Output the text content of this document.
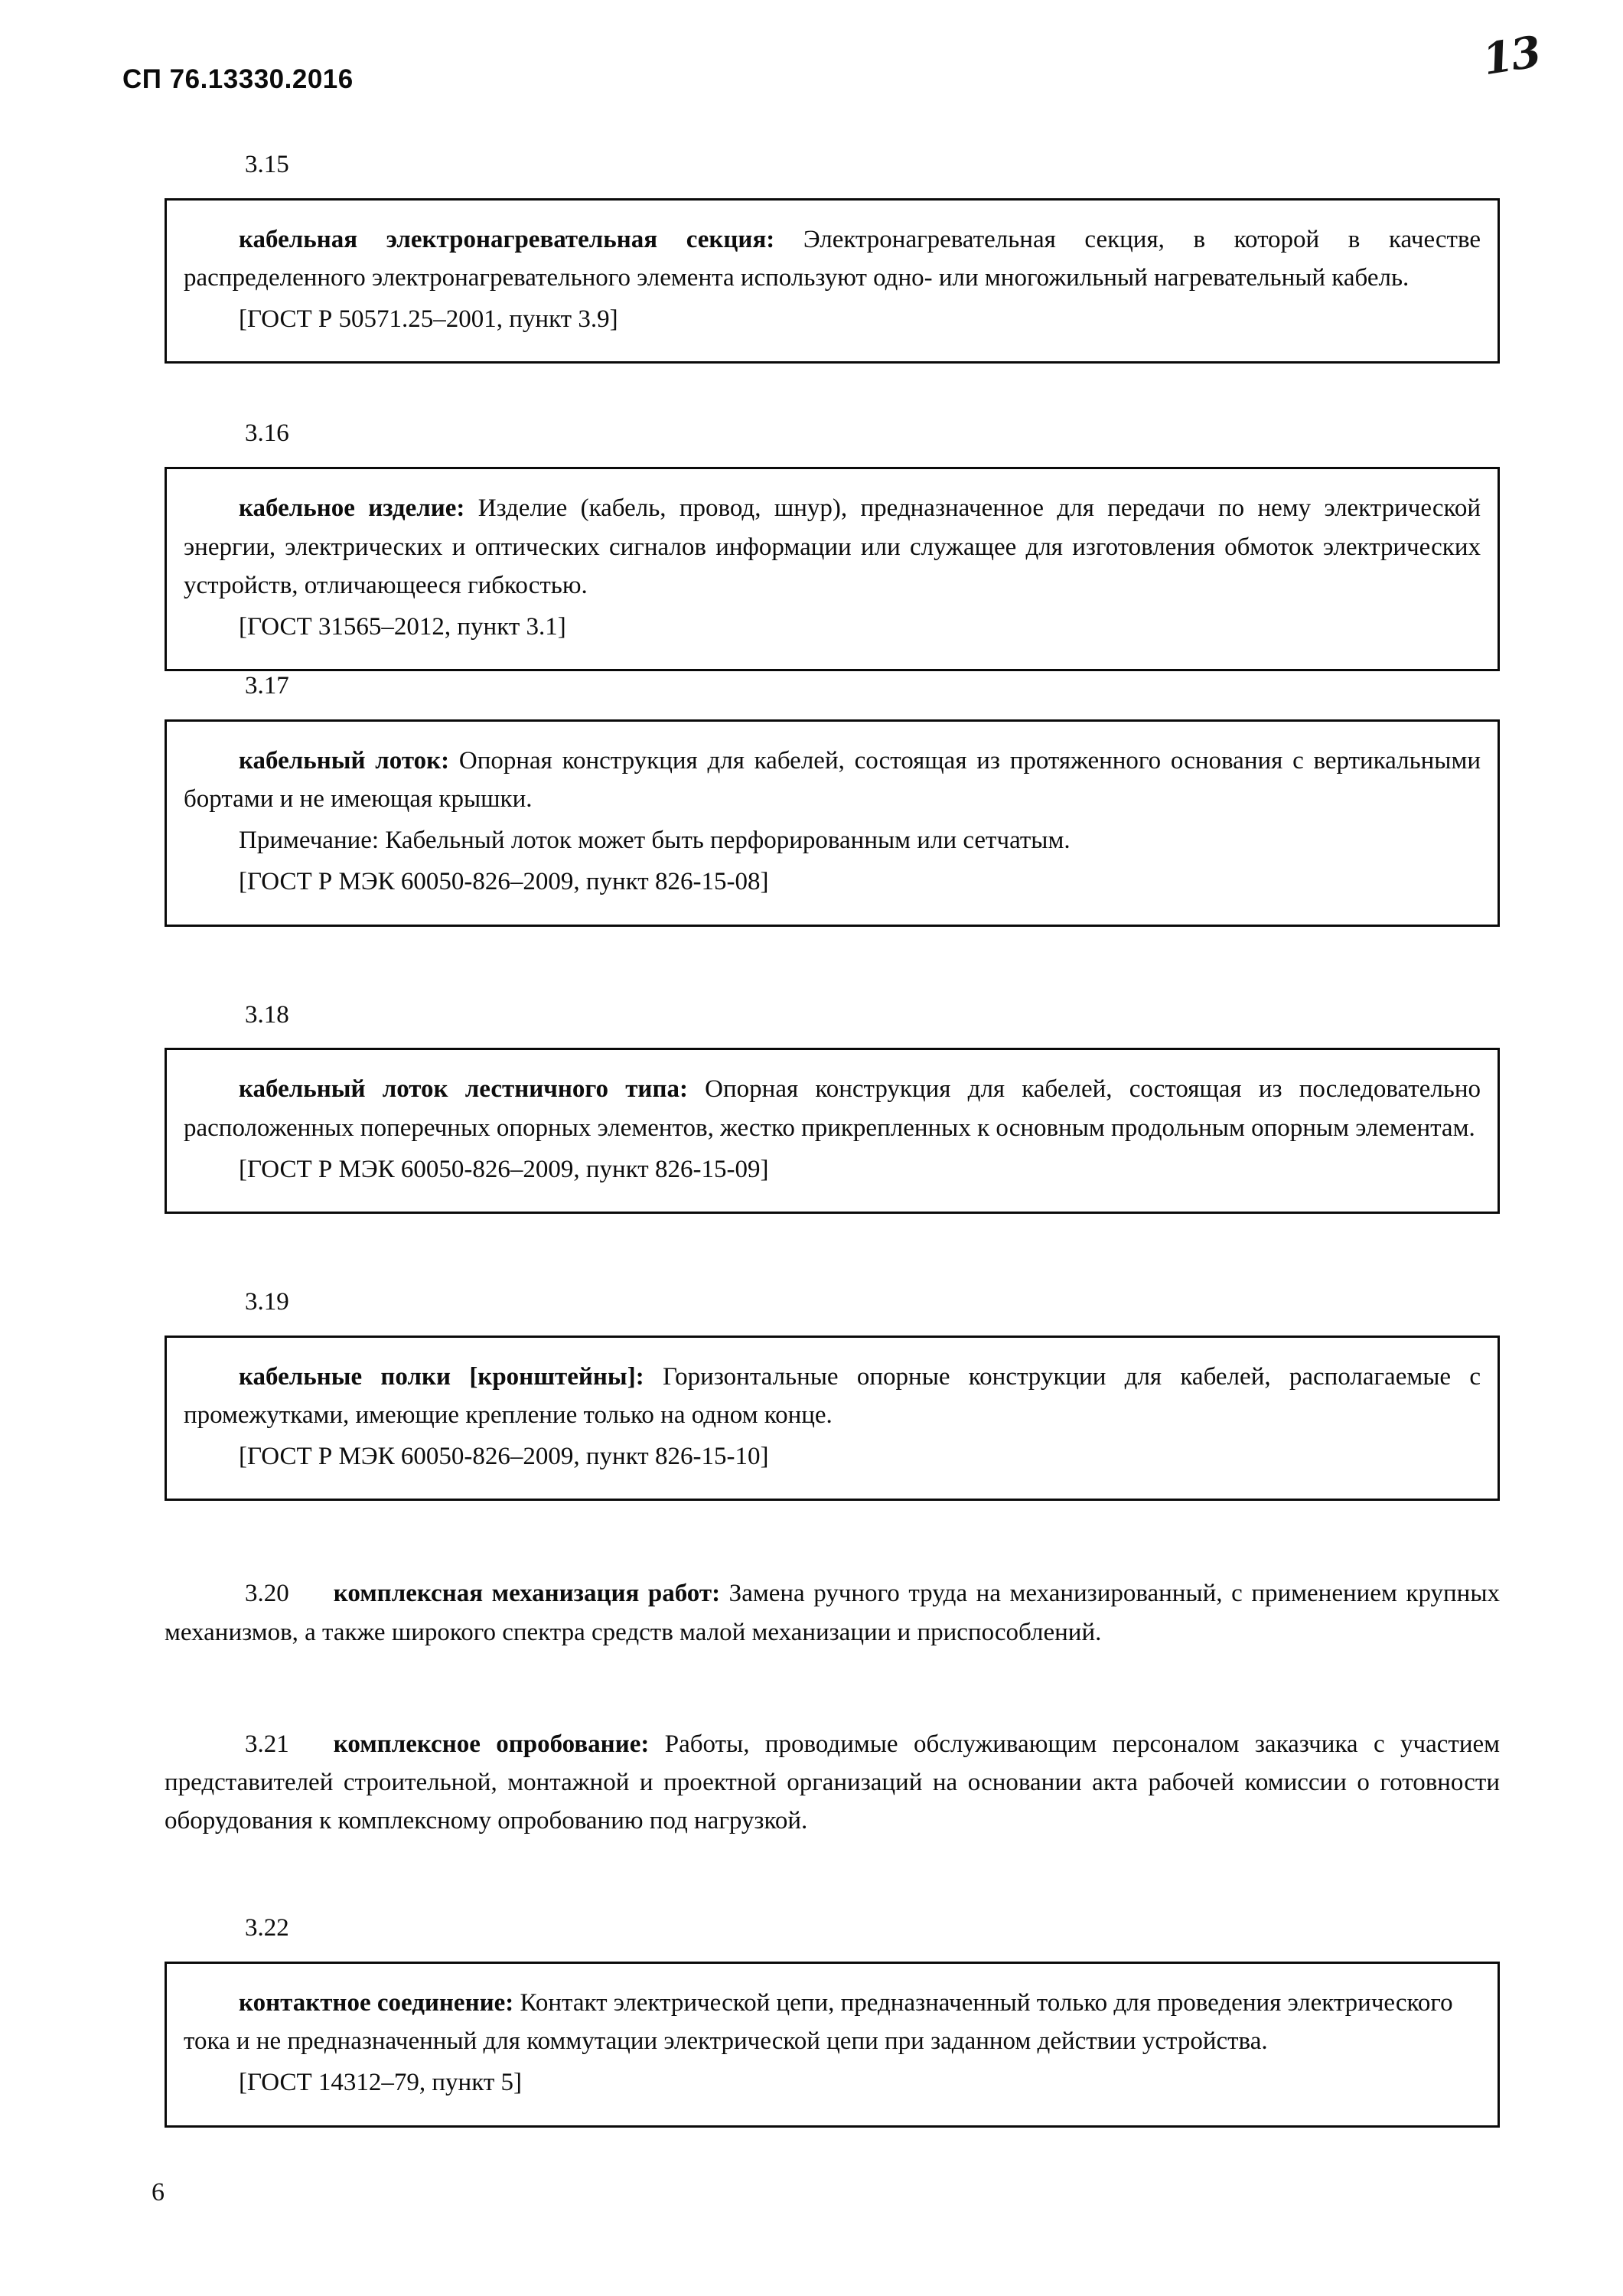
СП 76.13330.2016	13
3.15

кабельная электронагревательная секция: Электронагревательная секция, в которой в качестве распределенного электронагревательного элемента используют одно- или многожильный нагревательный кабель.

[ГОСТ Р 50571.25–2001, пункт 3.9]

3.16

кабельное изделие: Изделие (кабель, провод, шнур), предназначенное для передачи по нему электрической энергии, электрических и оптических сигналов информации или служащее для изготовления обмоток электрических устройств, отличающееся гибкостью.

[ГОСТ 31565–2012, пункт 3.1]

3.17

кабельный лоток: Опорная конструкция для кабелей, состоящая из протяженного основания с вертикальными бортами и не имеющая крышки.

Примечание: Кабельный лоток может быть перфорированным или сетчатым.

[ГОСТ Р МЭК 60050-826–2009, пункт 826-15-08]

3.18

кабельный лоток лестничного типа: Опорная конструкция для кабелей, состоящая из последовательно расположенных поперечных опорных элементов, жестко прикрепленных к основным продольным опорным элементам.

[ГОСТ Р МЭК 60050-826–2009, пункт 826-15-09]

3.19

кабельные полки [кронштейны]: Горизонтальные опорные конструкции для кабелей, располагаемые с промежутками, имеющие крепление только на одном конце.

[ГОСТ Р МЭК 60050-826–2009, пункт 826-15-10]

3.20 комплексная механизация работ: Замена ручного труда на механизированный, с применением крупных механизмов, а также широкого спектра средств малой механизации и приспособлений.

3.21 комплексное опробование: Работы, проводимые обслуживающим персоналом заказчика с участием представителей строительной, монтажной и проектной организаций на основании акта рабочей комиссии о готовности оборудования к комплексному опробованию под нагрузкой.

3.22

контактное соединение: Контакт электрической цепи, предназначенный только для проведения электрического тока и не предназначенный для коммутации электрической цепи при заданном действии устройства.

[ГОСТ 14312–79, пункт 5]

6
